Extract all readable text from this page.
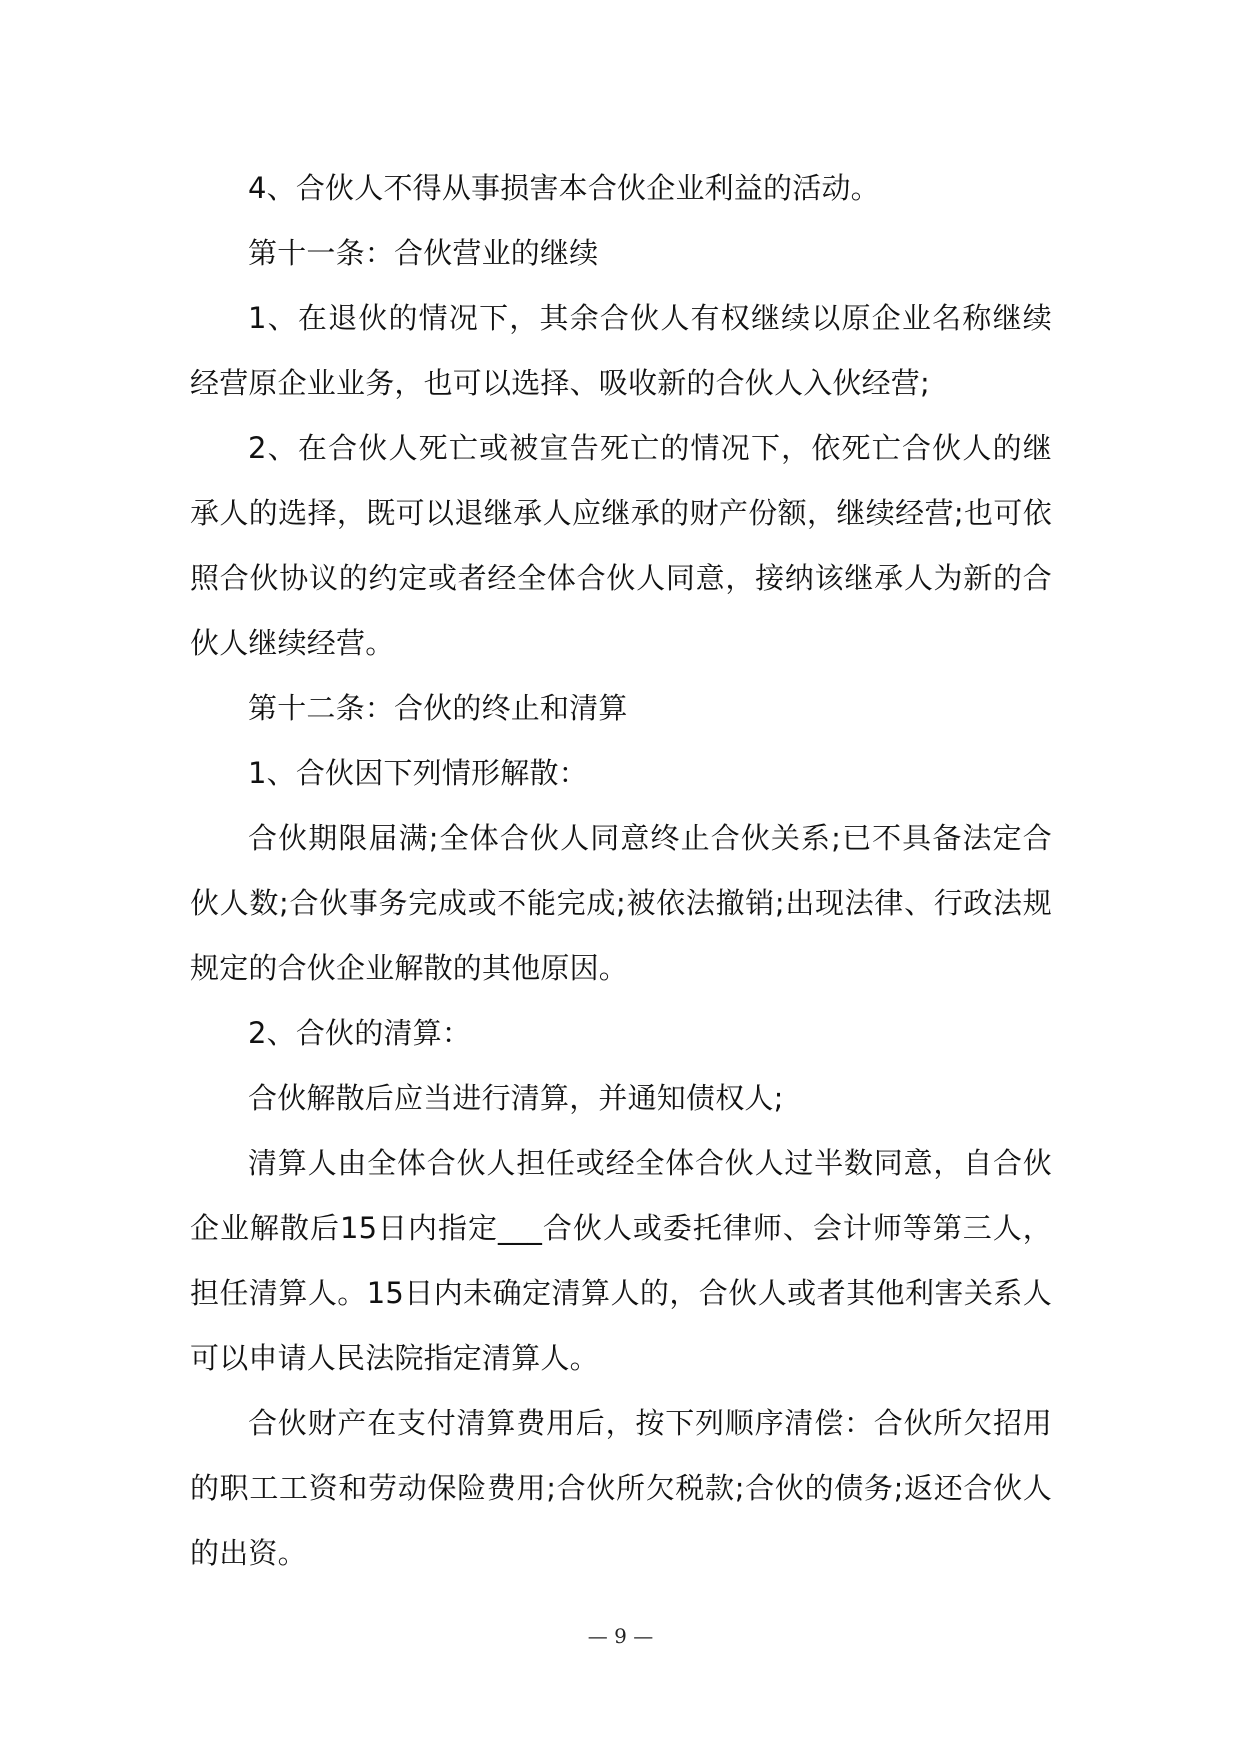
4、合伙人不得从事损害本合伙企业利益的活动。

第十一条：合伙营业的继续

1、在退伙的情况下，其余合伙人有权继续以原企业名称继续经营原企业业务，也可以选择、吸收新的合伙人入伙经营;

2、在合伙人死亡或被宣告死亡的情况下，依死亡合伙人的继承人的选择，既可以退继承人应继承的财产份额，继续经营;也可依照合伙协议的约定或者经全体合伙人同意，接纳该继承人为新的合伙人继续经营。

第十二条：合伙的终止和清算

1、合伙因下列情形解散：

合伙期限届满;全体合伙人同意终止合伙关系;已不具备法定合伙人数;合伙事务完成或不能完成;被依法撤销;出现法律、行政法规规定的合伙企业解散的其他原因。

2、合伙的清算：

合伙解散后应当进行清算，并通知债权人;

清算人由全体合伙人担任或经全体合伙人过半数同意，自合伙企业解散后15日内指定___合伙人或委托律师、会计师等第三人，担任清算人。15日内未确定清算人的，合伙人或者其他利害关系人可以申请人民法院指定清算人。

合伙财产在支付清算费用后，按下列顺序清偿：合伙所欠招用的职工工资和劳动保险费用;合伙所欠税款;合伙的债务;返还合伙人的出资。

— 9 —
